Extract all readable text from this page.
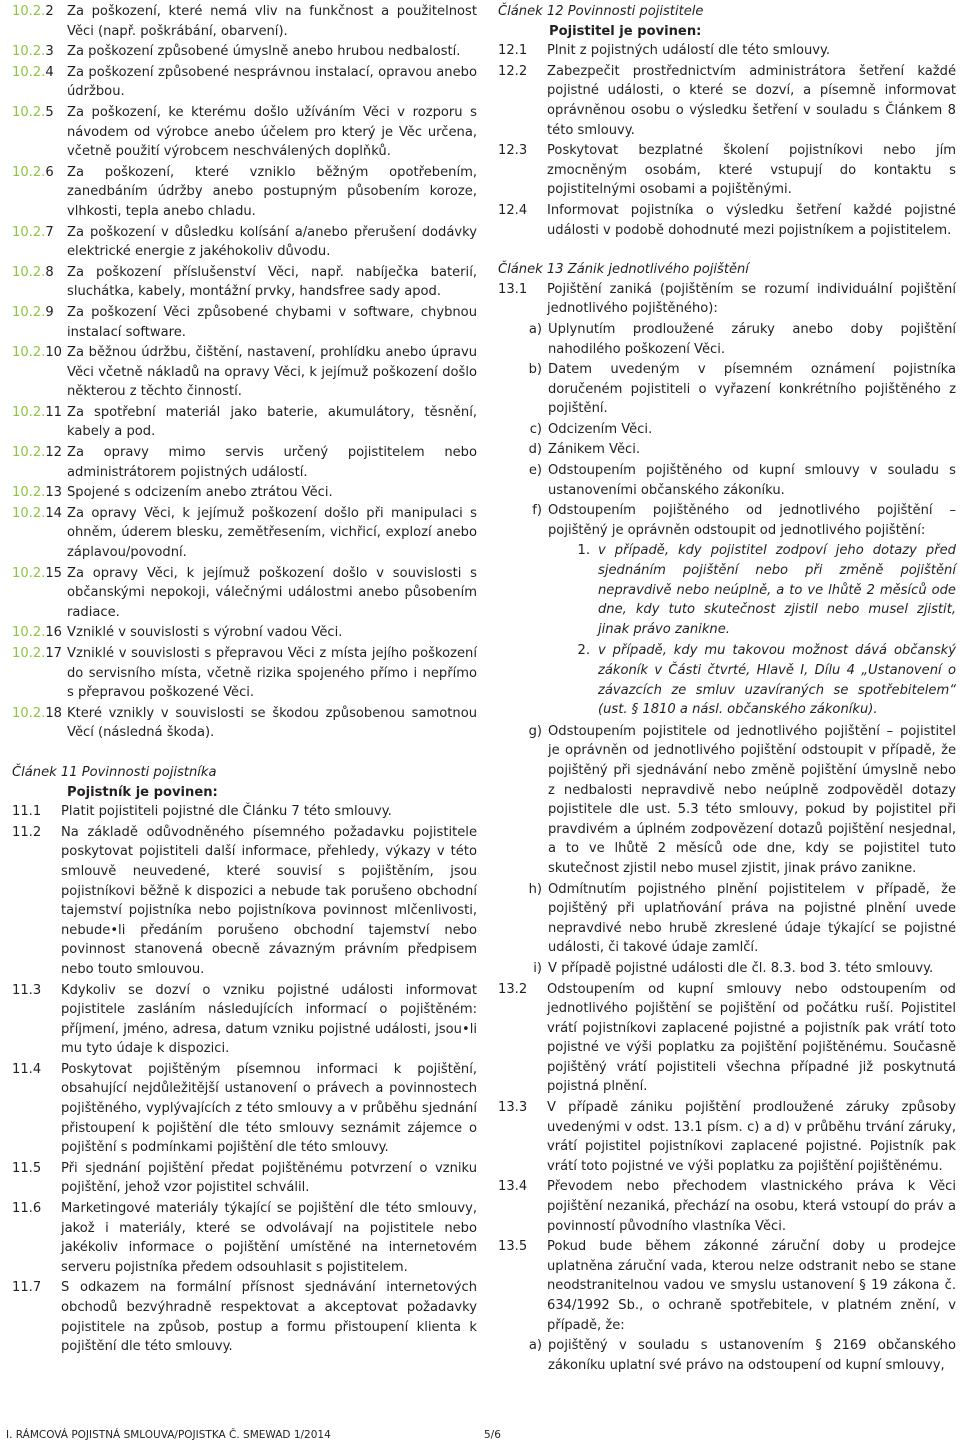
10.2.2	Za poškození, které nemá vliv na funkčnost a použitelnost Věci (např. poškrábání, obarvení).
10.2.3	Za poškození způsobené úmyslně anebo hrubou nedbalostí.
10.2.4	Za poškození způsobené nesprávnou instalací, opravou anebo údržbou.
10.2.5	Za poškození, ke kterému došlo užíváním Věci v rozporu s návodem od výrobce anebo účelem pro který je Věc určena, včetně použití výrobcem neschválených doplňků.
10.2.6	Za poškození, které vzniklo běžným opotřebením, zanedbáním údržby anebo postupným působením koroze, vlhkosti, tepla anebo chladu.
10.2.7	Za poškození v důsledku kolísání a/anebo přerušení dodávky elektrické energie z jakéhokoliv důvodu.
10.2.8	Za poškození příslušenství Věci, např. nabíječka baterií, sluchátka, kabely, montážní prvky, handsfree sady apod.
10.2.9	Za poškození Věci způsobené chybami v software, chybnou instalací software.
10.2.10 Za běžnou údržbu, čištění, nastavení, prohlídku anebo úpravu Věci včetně nákladů na opravy Věci, k jejímuž poškození došlo některou z těchto činností.
10.2.11 Za spotřební materiál jako baterie, akumulátory, těsnění, kabely a pod.
10.2.12 Za opravy mimo servis určený pojistitelem nebo administrátorem pojistných událostí.
10.2.13 Spojené s odcizením anebo ztrátou Věci.
10.2.14 Za opravy Věci, k jejímuž poškození došlo při manipulaci s ohněm, úderem blesku, zemětřesením, vichřicí, explozí anebo záplavou/povodní.
10.2.15 Za opravy Věci, k jejímuž poškození došlo v souvislosti s občanskými nepokoji, válečnými událostmi anebo působením radiace.
10.2.16 Vzniklé v souvislosti s výrobní vadou Věci.
10.2.17 Vzniklé v souvislosti s přepravou Věci z místa jejího poškození do servisního místa, včetně rizika spojeného přímo i nepřímo s přepravou poškozené Věci.
10.2.18 Které vznikly v souvislosti se škodou způsobenou samotnou Věcí (následná škoda).
Článek 11 Povinnosti pojistníka
Pojistník je povinen:
11.1	Platit pojistiteli pojistné dle Článku 7 této smlouvy.
11.2	Na základě odůvodněného písemného požadavku pojistitele poskytovat pojistiteli další informace, přehledy, výkazy v této smlouvě neuvedené, které souvisí s pojištěním, jsou pojistníkovi běžně k dispozici a nebude tak porušeno obchodní tajemství pojistníka nebo pojistníkova povinnost mlčenlivosti, nebude•li předáním porušeno obchodní tajemství nebo povinnost stanovená obecně závazným právním předpisem nebo touto smlouvou.
11.3	Kdykoliv se dozví o vzniku pojistné události informovat pojistitele zasláním následujících informací o pojištěném: příjmení, jméno, adresa, datum vzniku pojistné události, jsou•li mu tyto údaje k dispozici.
11.4	Poskytovat pojištěným písemnou informaci k pojištění, obsahující nejdůležitější ustanovení o právech a povinnostech pojištěného, vyplývajících z této smlouvy a v průběhu sjednání přistoupení k pojištění dle této smlouvy seznámit zájemce o pojištění s podmínkami pojištění dle této smlouvy.
11.5	Při sjednání pojištění předat pojištěnému potvrzení o vzniku pojištění, jehož vzor pojistitel schválil.
11.6	Marketingové materiály týkající se pojištění dle této smlouvy, jakož i materiály, které se odvolávají na pojistitele nebo jakékoliv informace o pojištění umístěné na internetovém serveru pojistníka předem odsouhlasit s pojistitelem.
11.7	S odkazem na formální přísnost sjednávání internetových obchodů bezvýhradně respektovat a akceptovat požadavky pojistitele na způsob, postup a formu přistoupení klienta k pojištění dle této smlouvy.
Článek 12 Povinnosti pojistitele
Pojistitel je povinen:
12.1	Plnit z pojistných událostí dle této smlouvy.
12.2	Zabezpečit prostřednictvím administrátora šetření každé pojistné události, o které se dozví, a písemně informovat oprávněnou osobu o výsledku šetření v souladu s Článkem 8 této smlouvy.
12.3	Poskytovat bezplatné školení pojistníkovi nebo jím zmocněným osobám, které vstupují do kontaktu s pojistitelnými osobami a pojištěnými.
12.4	Informovat pojistníka o výsledku šetření každé pojistné události v podobě dohodnuté mezi pojistníkem a pojistitelem.
Článek 13 Zánik jednotlivého pojištění
13.1	Pojištění zaniká (pojištěním se rozumí individuální pojištění jednotlivého pojištěného):
a) Uplynutím prodloužené záruky anebo doby pojištění nahodilého poškození Věci.
b) Datem uvedeným v písemném oznámení pojistníka doručeném pojistiteli o vyřazení konkrétního pojištěného z pojištění.
c) Odcizením Věci.
d) Zánikem Věci.
e) Odstoupením pojištěného od kupní smlouvy v souladu s ustanoveními občanského zákoníku.
f) Odstoupením pojištěného od jednotlivého pojištění – pojištěný je oprávněn odstoupit od jednotlivého pojištění:
1. v případě, kdy pojistitel zodpoví jeho dotazy před sjednáním pojištění nebo při změně pojištění nepravdivě nebo neúplně, a to ve lhůtě 2 měsíců ode dne, kdy tuto skutečnost zjistil nebo musel zjistit, jinak právo zanikne.
2. v případě, kdy mu takovou možnost dává občanský zákoník v Části čtvrté, Hlavě I, Dílu 4 „Ustanovení o závazcích ze smluv uzavíraných se spotřebitelem“ (ust. § 1810 a násl. občanského zákoníku).
g) Odstoupením pojistitele od jednotlivého pojištění – pojistitel je oprávněn od jednotlivého pojištění odstoupit v případě, že pojištěný při sjednávání nebo změně pojištění úmyslně nebo z nedbalosti nepravdivě nebo neúplně zodpověděl dotazy pojistitele dle ust. 5.3 této smlouvy, pokud by pojistitel při pravdivém a úplném zodpovězení dotazů pojištění nesjednal, a to ve lhůtě 2 měsíců ode dne, kdy se pojistitel tuto skutečnost zjistil nebo musel zjistit, jinak právo zanikne.
h) Odmítnutím pojistného plnění pojistitelem v případě, že pojištěný při uplatňování práva na pojistné plnění uvede nepravdivé nebo hrubě zkreslené údaje týkající se pojistné události, či takové údaje zamlčí.
i) V případě pojistné události dle čl. 8.3. bod 3. této smlouvy.
13.2	Odstoupením od kupní smlouvy nebo odstoupením od jednotlivého pojištění se pojištění od počátku ruší. Pojistitel vrátí pojistníkovi zaplacené pojistné a pojistník pak vrátí toto pojistné ve výši poplatku za pojištění pojištěnému. Současně pojištěný vrátí pojistiteli všechna případné již poskytnutá pojistná plnění.
13.3	V případě zániku pojištění prodloužené záruky způsoby uvedenými v odst. 13.1 písm. c) a d) v průběhu trvání záruky, vrátí pojistitel pojistníkovi zaplacené pojistné. Pojistník pak vrátí toto pojistné ve výši poplatku za pojištění pojištěnému.
13.4	Převodem nebo přechodem vlastnického práva k Věci pojištění nezaniká, přechází na osobu, která vstoupí do práv a povinností původního vlastníka Věci.
13.5	Pokud bude během zákonné záruční doby u prodejce uplatněna záruční vada, kterou nelze odstranit nebo se stane neodstranitelnou vadou ve smyslu ustanovení § 19 zákona č. 634/1992 Sb., o ochraně spotřebitele, v platném znění, v případě, že:
a) pojištěný v souladu s ustanovením § 2169 občanského zákoníku uplatní své právo na odstoupení od kupní smlouvy,
I. RÁMCOVÁ POJISTNÁ SMLOUVA/POJISTKA Č. SMEWAD 1/2014	5/6
